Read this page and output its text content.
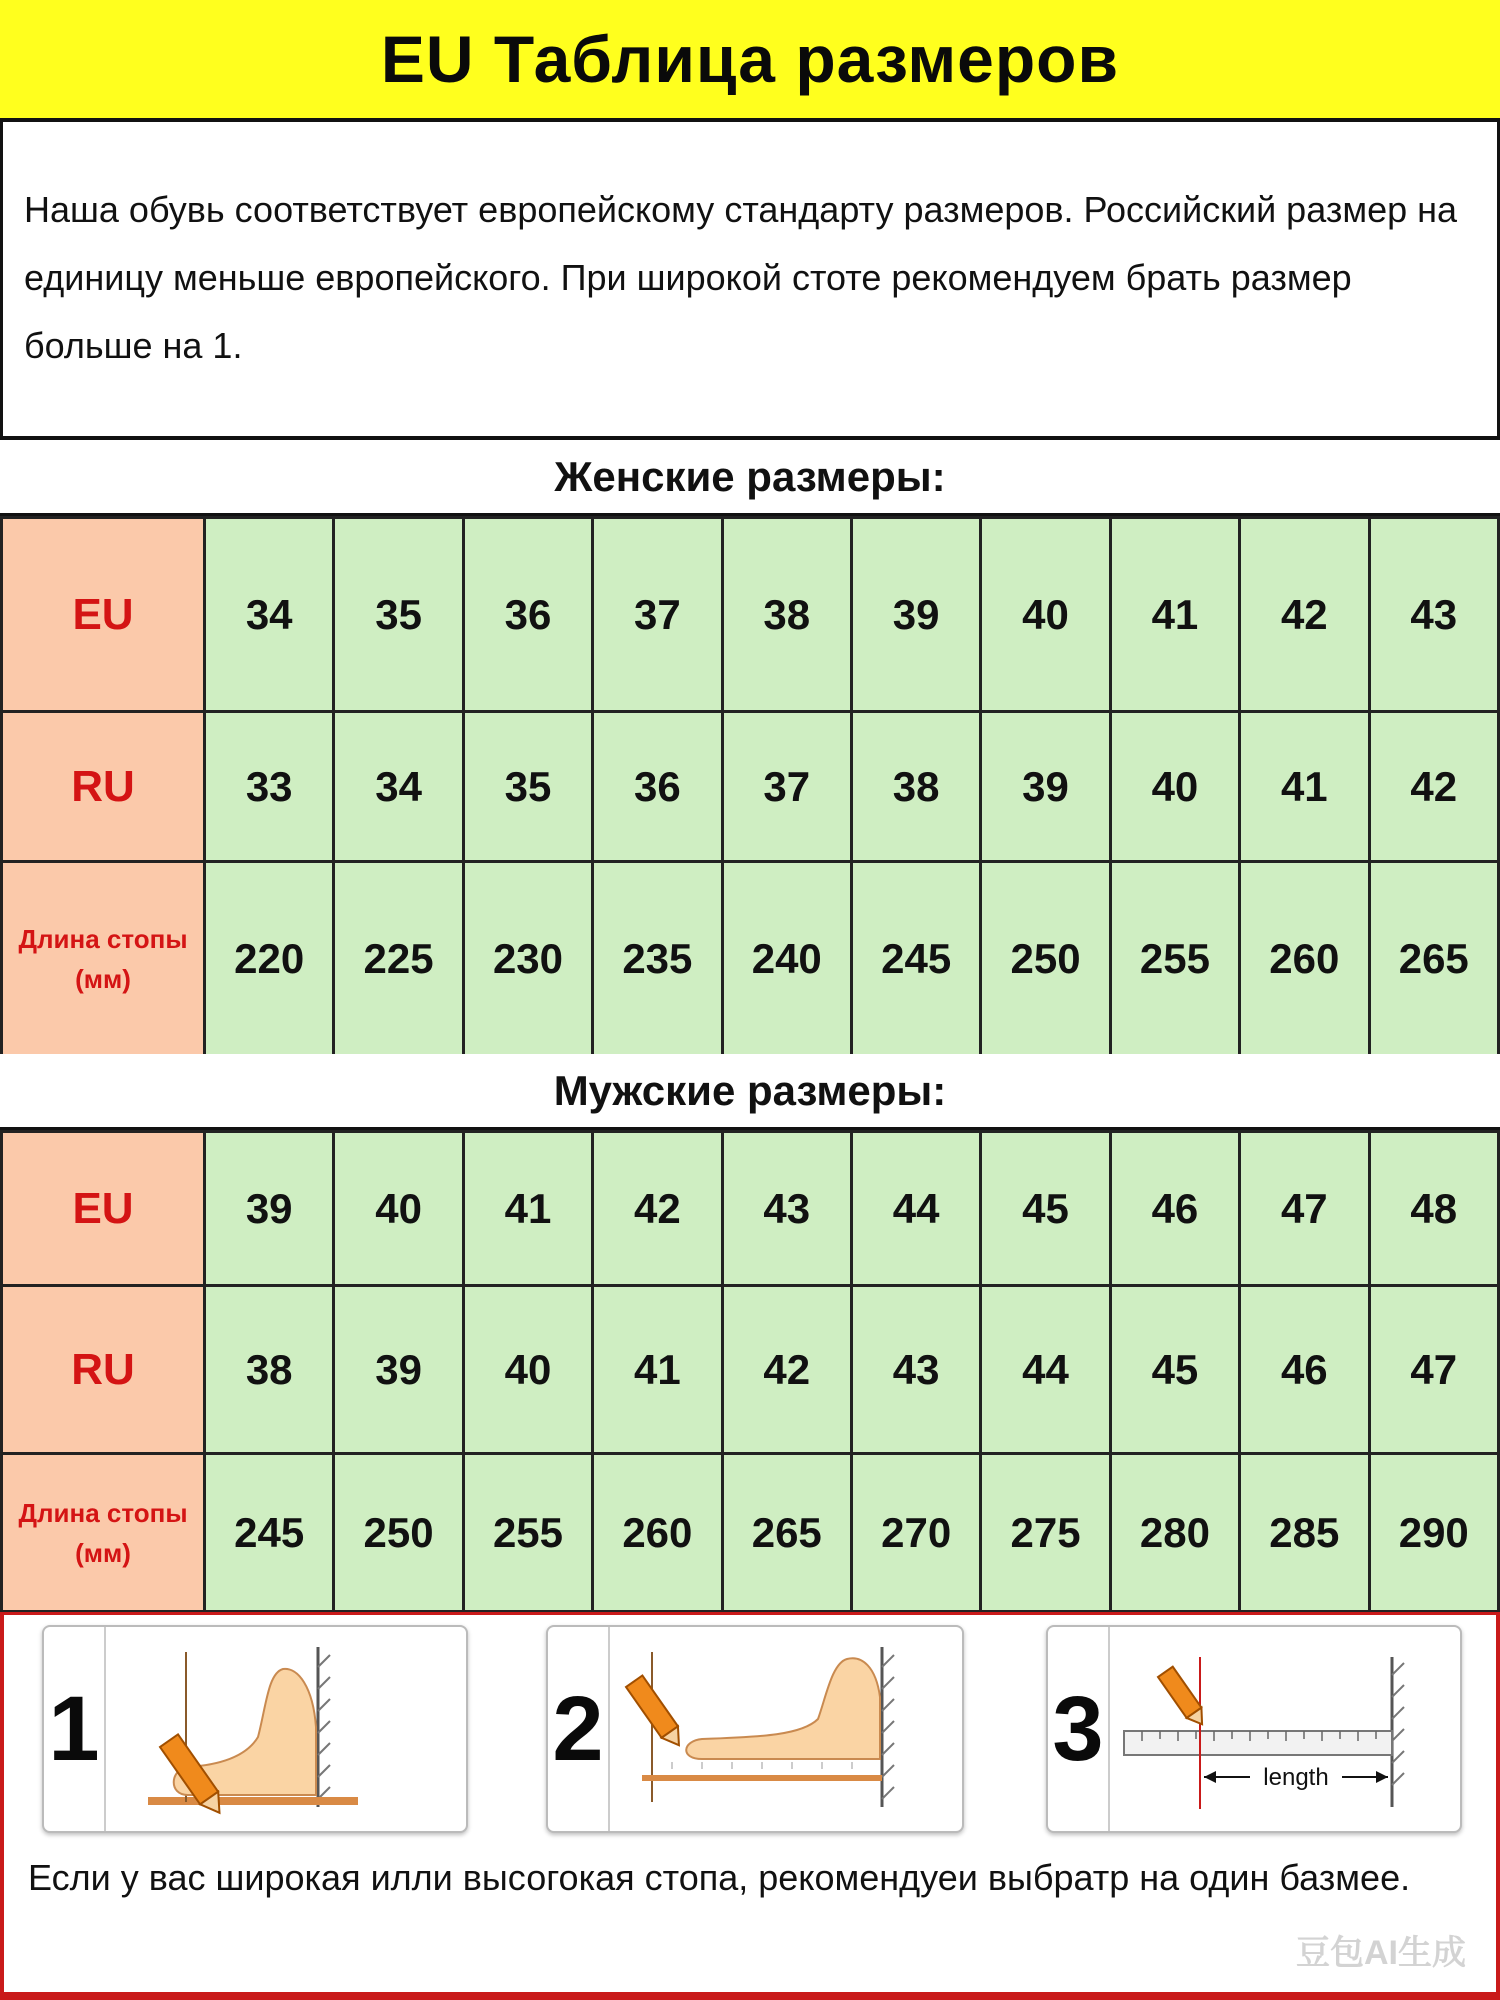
EU Таблица размеров

Наша обувь соответствует европейскому стандарту размеров. Российский размер на единицу меньше европейского. При широкой стоте рекомендуем брать размер больше на 1.

Женские размеры:
EU	34	35	36	37	38	39	40	41	42	43
RU	33	34	35	36	37	38	39	40	41	42
Длина стопы (мм)	220	225	230	235	240	245	250	255	260	265
Мужские размеры:
EU	39	40	41	42	43	44	45	46	47	48
RU	38	39	40	41	42	43	44	45	46	47
Длина стопы (мм)	245	250	255	260	265	270	275	280	285	290
1	2	3	length

Если у вас широкая илли высогокая стопа, рекомендуеи выбратр на один базмее.

豆包AI生成
